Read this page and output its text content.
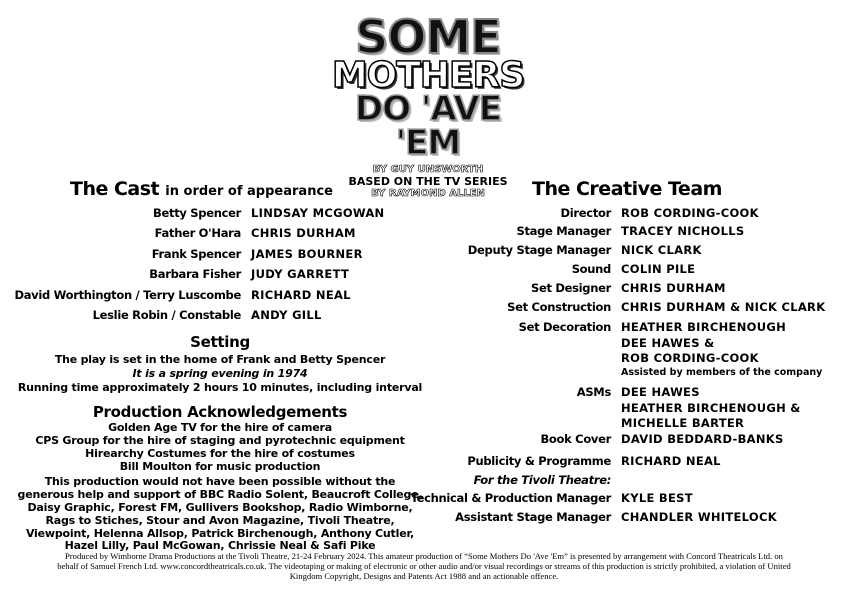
SOME
MOTHERS
DO 'AVE 'EM
BY GUY UNSWORTH
BASED ON THE TV SERIES
BY RAYMOND ALLEN
The Cast in order of appearance
Betty Spencer LINDSAY MCGOWAN
Father O'Hara CHRIS DURHAM
Frank Spencer JAMES BOURNER
Barbara Fisher JUDY GARRETT
David Worthington / Terry Luscombe RICHARD NEAL
Leslie Robin / Constable ANDY GILL
Setting
The play is set in the home of Frank and Betty Spencer
It is a spring evening in 1974
Running time approximately 2 hours 10 minutes, including interval
Production Acknowledgements
Golden Age TV for the hire of camera
CPS Group for the hire of staging and pyrotechnic equipment
Hirearchy Costumes for the hire of costumes
Bill Moulton for music production
This production would not have been possible without the
generous help and support of BBC Radio Solent, Beaucroft College,
Daisy Graphic, Forest FM, Gullivers Bookshop, Radio Wimborne,
Rags to Stiches, Stour and Avon Magazine, Tivoli Theatre,
Viewpoint, Helenna Allsop, Patrick Birchenough, Anthony Cutler,
Hazel Lilly, Paul McGowan, Chrissie Neal & Safi Pike
The Creative Team
Director ROB CORDING-COOK
Stage Manager TRACEY NICHOLLS
Deputy Stage Manager NICK CLARK
Sound COLIN PILE
Set Designer CHRIS DURHAM
Set Construction CHRIS DURHAM & NICK CLARK
Set Decoration HEATHER BIRCHENOUGH
DEE HAWES &
ROB CORDING-COOK
Assisted by members of the company
ASMs DEE HAWES
HEATHER BIRCHENOUGH &
MICHELLE BARTER
Book Cover DAVID BEDDARD-BANKS
Publicity & Programme RICHARD NEAL
For the Tivoli Theatre:
Technical & Production Manager KYLE BEST
Assistant Stage Manager CHANDLER WHITELOCK
Produced by Wimborne Drama Productions at the Tivoli Theatre, 21-24 February 2024. This amateur production of “Some Mothers Do 'Ave 'Em” is presented by arrangement with Concord Theatricals Ltd. on
behalf of Samuel French Ltd. www.concordtheatricals.co.uk. The videotaping or making of electronic or other audio and/or visual recordings or streams of this production is strictly prohibited, a violation of United
Kingdom Copyright, Designs and Patents Act 1988 and an actionable offence.
